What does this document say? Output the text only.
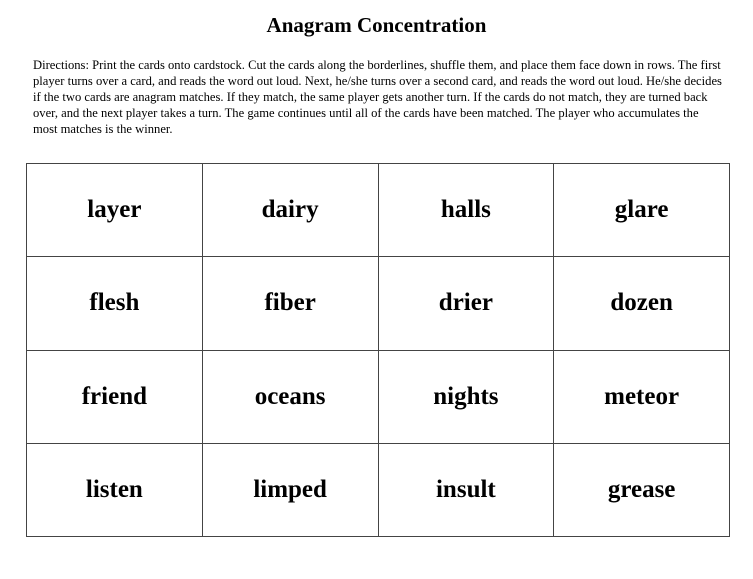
Anagram Concentration
Directions: Print the cards onto cardstock. Cut the cards along the borderlines, shuffle them, and place them face down in rows. The first player turns over a card, and reads the word out loud. Next, he/she turns over a second card, and reads the word out loud. He/she decides if the two cards are anagram matches. If they match, the same player gets another turn. If the cards do not match, they are turned back over, and the next player takes a turn. The game continues until all of the cards have been matched. The player who accumulates the most matches is the winner.
layer	dairy	halls	glare
flesh	fiber	drier	dozen
friend	oceans	nights	meteor
listen	limped	insult	grease
